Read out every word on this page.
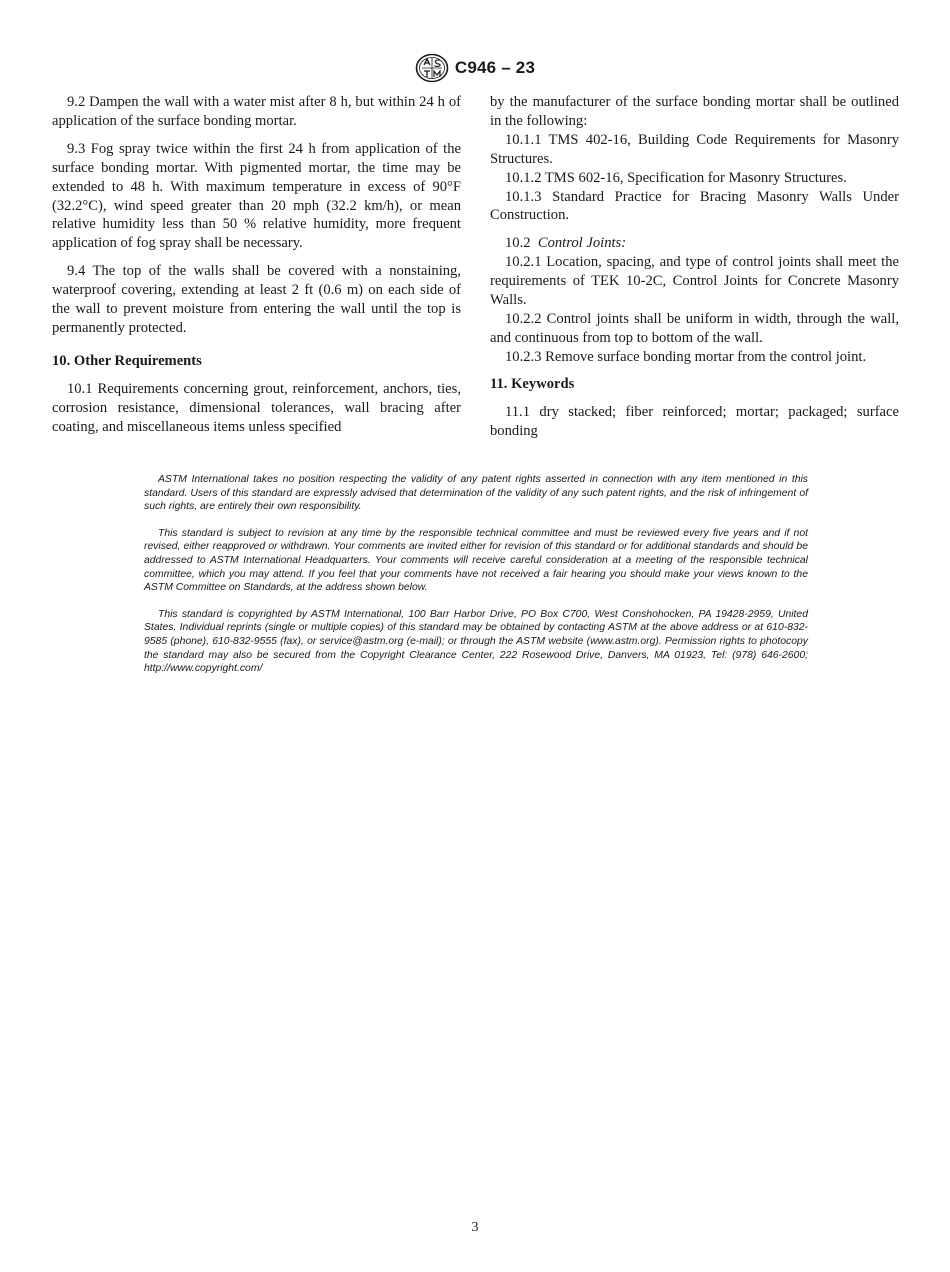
C946 – 23

9.2 Dampen the wall with a water mist after 8 h, but within 24 h of application of the surface bonding mortar.

9.3 Fog spray twice within the first 24 h from application of the surface bonding mortar. With pigmented mortar, the time may be extended to 48 h. With maximum temperature in excess of 90°F (32.2°C), wind speed greater than 20 mph (32.2 km/h), or mean relative humidity less than 50 % relative humidity, more frequent application of fog spray shall be necessary.

9.4 The top of the walls shall be covered with a nonstaining, waterproof covering, extending at least 2 ft (0.6 m) on each side of the wall to prevent moisture from entering the wall until the top is permanently protected.

10. Other Requirements

10.1 Requirements concerning grout, reinforcement, anchors, ties, corrosion resistance, dimensional tolerances, wall bracing after coating, and miscellaneous items unless specified

by the manufacturer of the surface bonding mortar shall be outlined in the following:

10.1.1 TMS 402-16, Building Code Requirements for Masonry Structures.

10.1.2 TMS 602-16, Specification for Masonry Structures.

10.1.3 Standard Practice for Bracing Masonry Walls Under Construction.

10.2 Control Joints:

10.2.1 Location, spacing, and type of control joints shall meet the requirements of TEK 10-2C, Control Joints for Concrete Masonry Walls.

10.2.2 Control joints shall be uniform in width, through the wall, and continuous from top to bottom of the wall.

10.2.3 Remove surface bonding mortar from the control joint.

11. Keywords

11.1 dry stacked; fiber reinforced; mortar; packaged; surface bonding

ASTM International takes no position respecting the validity of any patent rights asserted in connection with any item mentioned in this standard. Users of this standard are expressly advised that determination of the validity of any such patent rights, and the risk of infringement of such rights, are entirely their own responsibility.

This standard is subject to revision at any time by the responsible technical committee and must be reviewed every five years and if not revised, either reapproved or withdrawn. Your comments are invited either for revision of this standard or for additional standards and should be addressed to ASTM International Headquarters. Your comments will receive careful consideration at a meeting of the responsible technical committee, which you may attend. If you feel that your comments have not received a fair hearing you should make your views known to the ASTM Committee on Standards, at the address shown below.

This standard is copyrighted by ASTM International, 100 Barr Harbor Drive, PO Box C700, West Conshohocken, PA 19428-2959, United States. Individual reprints (single or multiple copies) of this standard may be obtained by contacting ASTM at the above address or at 610-832-9585 (phone), 610-832-9555 (fax), or service@astm.org (e-mail); or through the ASTM website (www.astm.org). Permission rights to photocopy the standard may also be secured from the Copyright Clearance Center, 222 Rosewood Drive, Danvers, MA 01923, Tel: (978) 646-2600; http://www.copyright.com/

3
